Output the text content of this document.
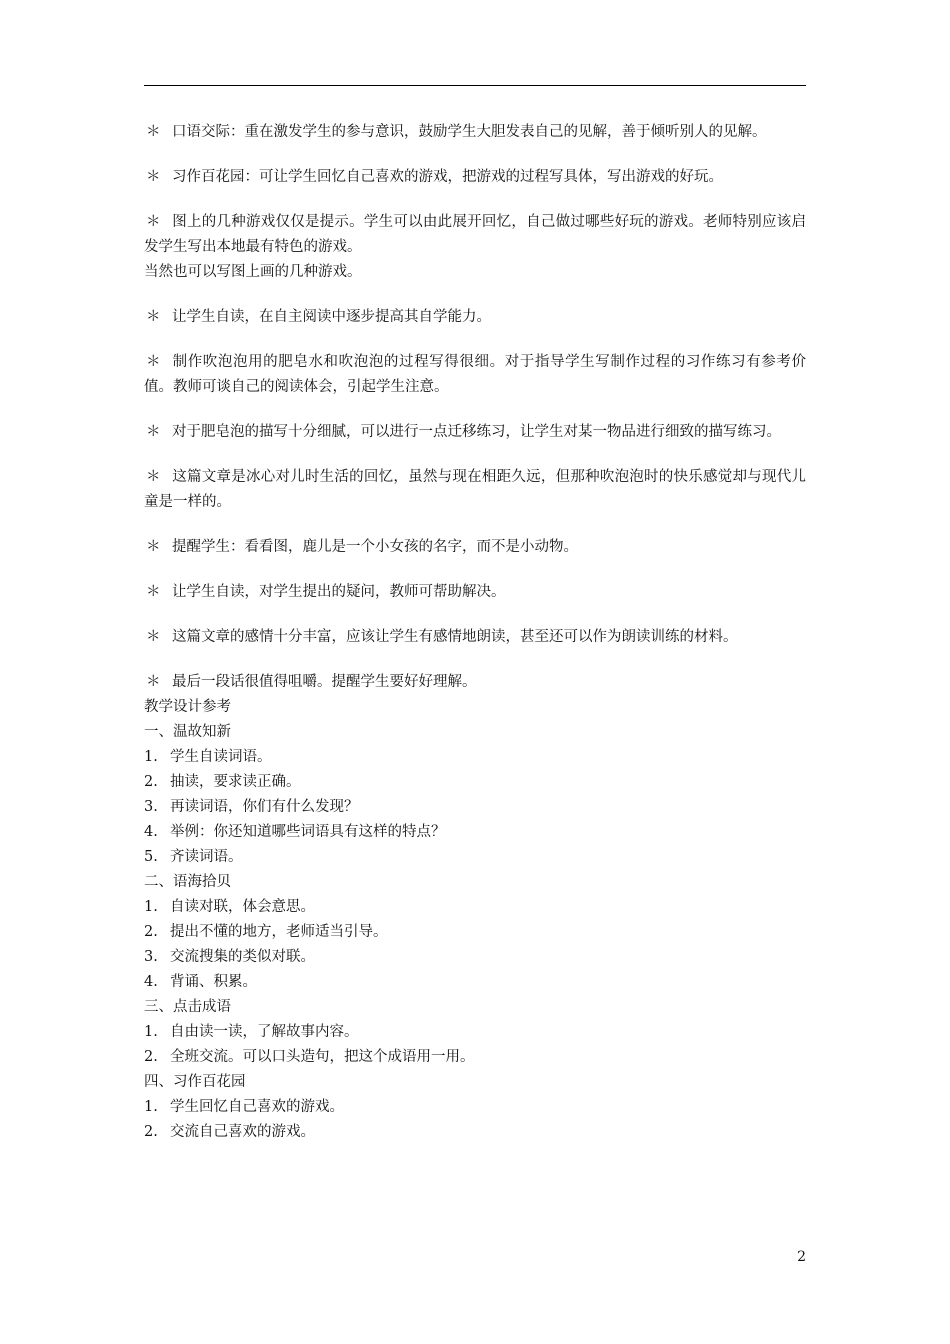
＊ 口语交际：重在激发学生的参与意识，鼓励学生大胆发表自己的见解，善于倾听别人的见解。

＊ 习作百花园：可让学生回忆自己喜欢的游戏，把游戏的过程写具体，写出游戏的好玩。

＊ 图上的几种游戏仅仅是提示。学生可以由此展开回忆，自己做过哪些好玩的游戏。老师特别应该启发学生写出本地最有特色的游戏。
当然也可以写图上画的几种游戏。

＊ 让学生自读，在自主阅读中逐步提高其自学能力。

＊ 制作吹泡泡用的肥皂水和吹泡泡的过程写得很细。对于指导学生写制作过程的习作练习有参考价值。教师可谈自己的阅读体会，引起学生注意。

＊ 对于肥皂泡的描写十分细腻，可以进行一点迁移练习，让学生对某一物品进行细致的描写练习。

＊ 这篇文章是冰心对儿时生活的回忆，虽然与现在相距久远，但那种吹泡泡时的快乐感觉却与现代儿童是一样的。

＊ 提醒学生：看看图，鹿儿是一个小女孩的名字，而不是小动物。

＊ 让学生自读，对学生提出的疑问，教师可帮助解决。

＊ 这篇文章的感情十分丰富，应该让学生有感情地朗读，甚至还可以作为朗读训练的材料。

＊ 最后一段话很值得咀嚼。提醒学生要好好理解。

教学设计参考

一、温故知新

1. 学生自读词语。

2. 抽读，要求读正确。

3. 再读词语，你们有什么发现？

4. 举例：你还知道哪些词语具有这样的特点？

5. 齐读词语。

二、语海拾贝

1. 自读对联，体会意思。

2. 提出不懂的地方，老师适当引导。

3. 交流搜集的类似对联。

4. 背诵、积累。

三、点击成语

1. 自由读一读，了解故事内容。

2. 全班交流。可以口头造句，把这个成语用一用。

四、习作百花园

1. 学生回忆自己喜欢的游戏。

2. 交流自己喜欢的游戏。

2
